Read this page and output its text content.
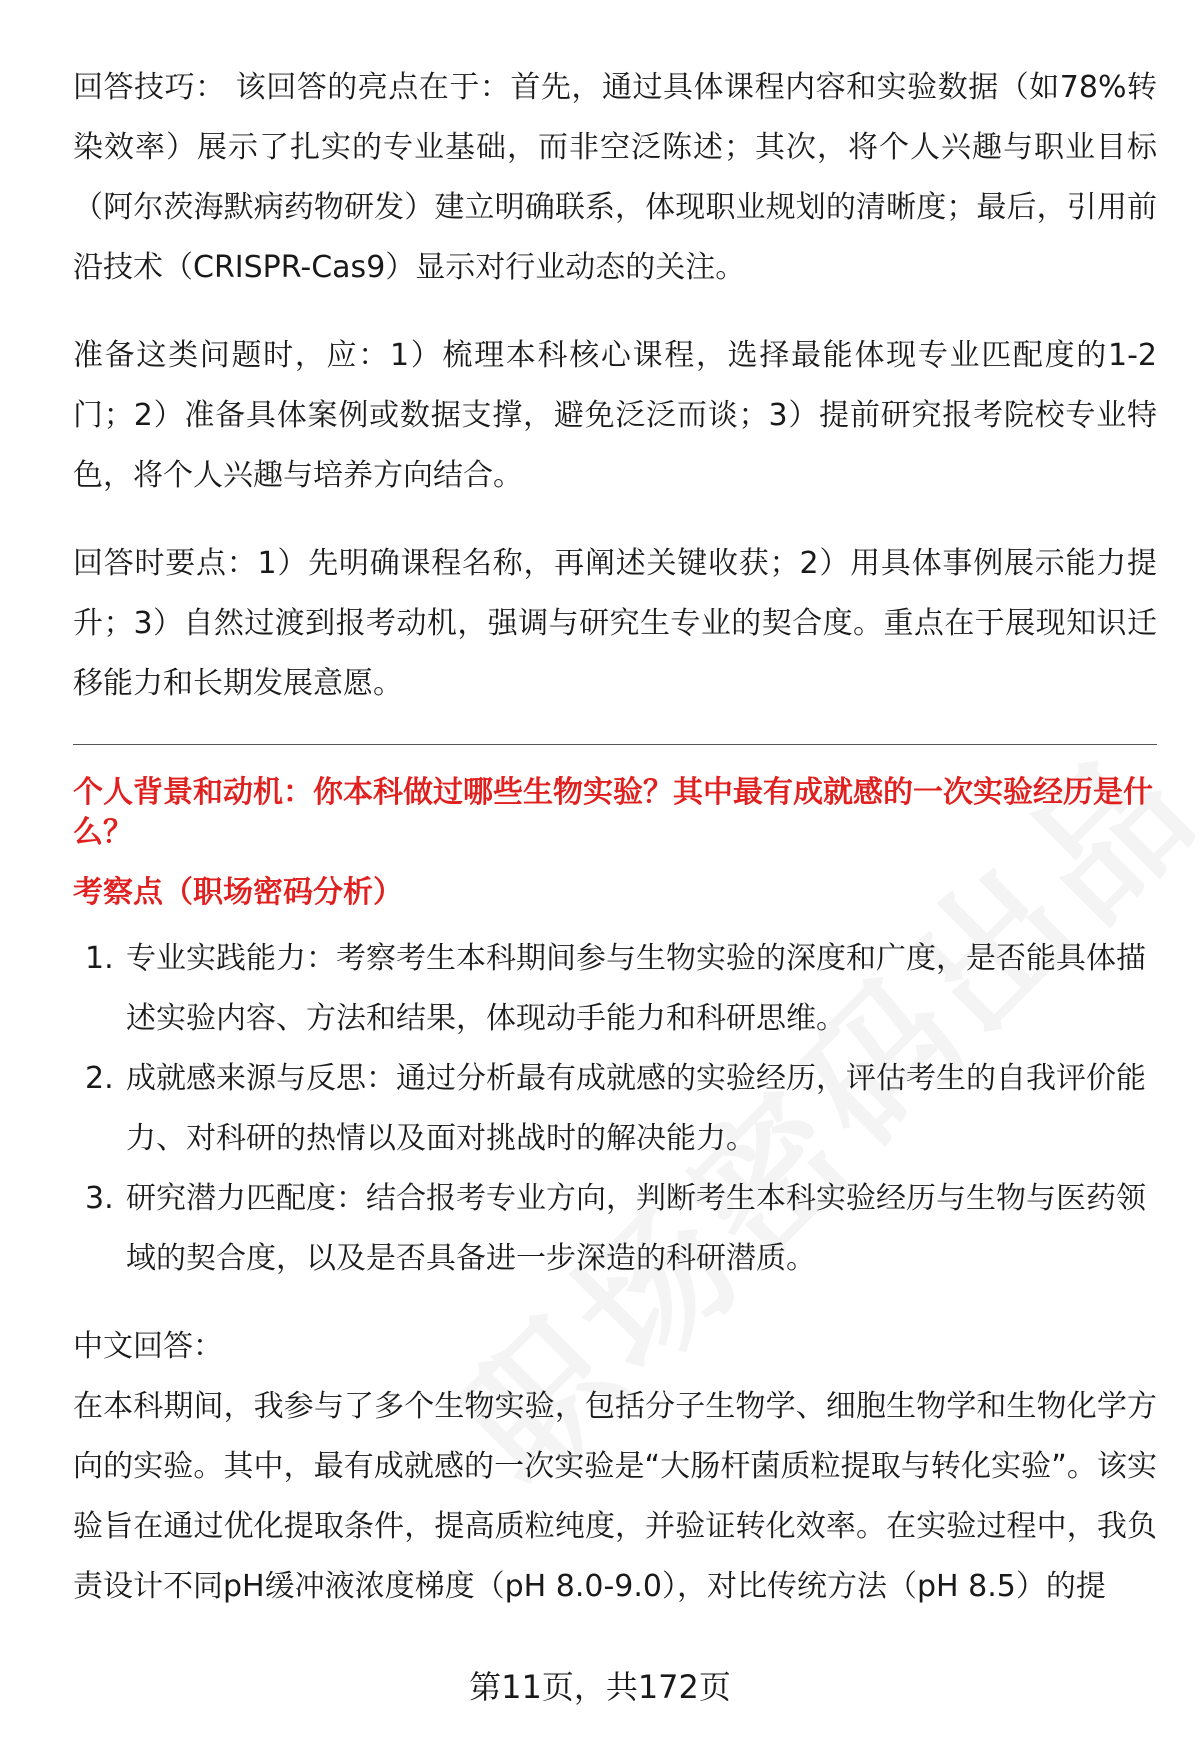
回答技巧： 该回答的亮点在于：首先，通过具体课程内容和实验数据（如78%转染效率）展示了扎实的专业基础，而非空泛陈述；其次，将个人兴趣与职业目标（阿尔茨海默病药物研发）建立明确联系，体现职业规划的清晰度；最后，引用前沿技术（CRISPR-Cas9）显示对行业动态的关注。

准备这类问题时，应：1）梳理本科核心课程，选择最能体现专业匹配度的1-2门；2）准备具体案例或数据支撑，避免泛泛而谈；3）提前研究报考院校专业特色，将个人兴趣与培养方向结合。

回答时要点：1）先明确课程名称，再阐述关键收获；2）用具体事例展示能力提升；3）自然过渡到报考动机，强调与研究生专业的契合度。重点在于展现知识迁移能力和长期发展意愿。

个人背景和动机：你本科做过哪些生物实验？其中最有成就感的一次实验经历是什么？

考察点（职场密码分析）

1. 专业实践能力：考察考生本科期间参与生物实验的深度和广度，是否能具体描述实验内容、方法和结果，体现动手能力和科研思维。
2. 成就感来源与反思：通过分析最有成就感的实验经历，评估考生的自我评价能力、对科研的热情以及面对挑战时的解决能力。
3. 研究潜力匹配度：结合报考专业方向，判断考生本科实验经历与生物与医药领域的契合度，以及是否具备进一步深造的科研潜质。

中文回答：

在本科期间，我参与了多个生物实验，包括分子生物学、细胞生物学和生物化学方向的实验。其中，最有成就感的一次实验是“大肠杆菌质粒提取与转化实验”。该实验旨在通过优化提取条件，提高质粒纯度，并验证转化效率。在实验过程中，我负责设计不同pH缓冲液浓度梯度（pH 8.0-9.0），对比传统方法（pH 8.5）的提

第11页，共172页
